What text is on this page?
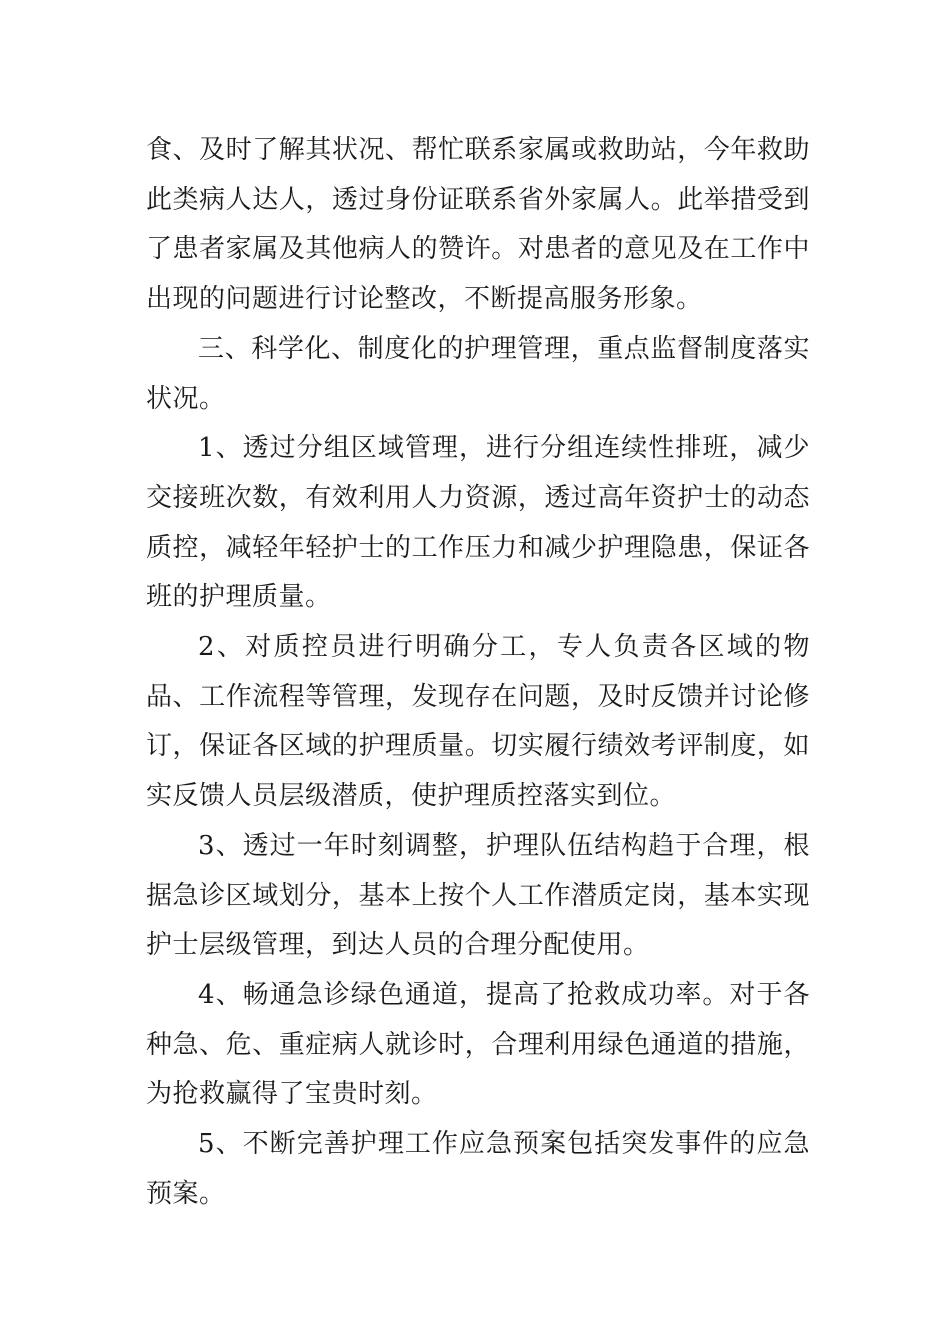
食、及时了解其状况、帮忙联系家属或救助站，今年救助此类病人达人，透过身份证联系省外家属人。此举措受到了患者家属及其他病人的赞许。对患者的意见及在工作中出现的问题进行讨论整改，不断提高服务形象。

三、科学化、制度化的护理管理，重点监督制度落实状况。

1、透过分组区域管理，进行分组连续性排班，减少交接班次数，有效利用人力资源，透过高年资护士的动态质控，减轻年轻护士的工作压力和减少护理隐患，保证各班的护理质量。

2、对质控员进行明确分工，专人负责各区域的物品、工作流程等管理，发现存在问题，及时反馈并讨论修订，保证各区域的护理质量。切实履行绩效考评制度，如实反馈人员层级潜质，使护理质控落实到位。

3、透过一年时刻调整，护理队伍结构趋于合理，根据急诊区域划分，基本上按个人工作潜质定岗，基本实现护士层级管理，到达人员的合理分配使用。

4、畅通急诊绿色通道，提高了抢救成功率。对于各种急、危、重症病人就诊时，合理利用绿色通道的措施，为抢救赢得了宝贵时刻。

5、不断完善护理工作应急预案包括突发事件的应急预案。
